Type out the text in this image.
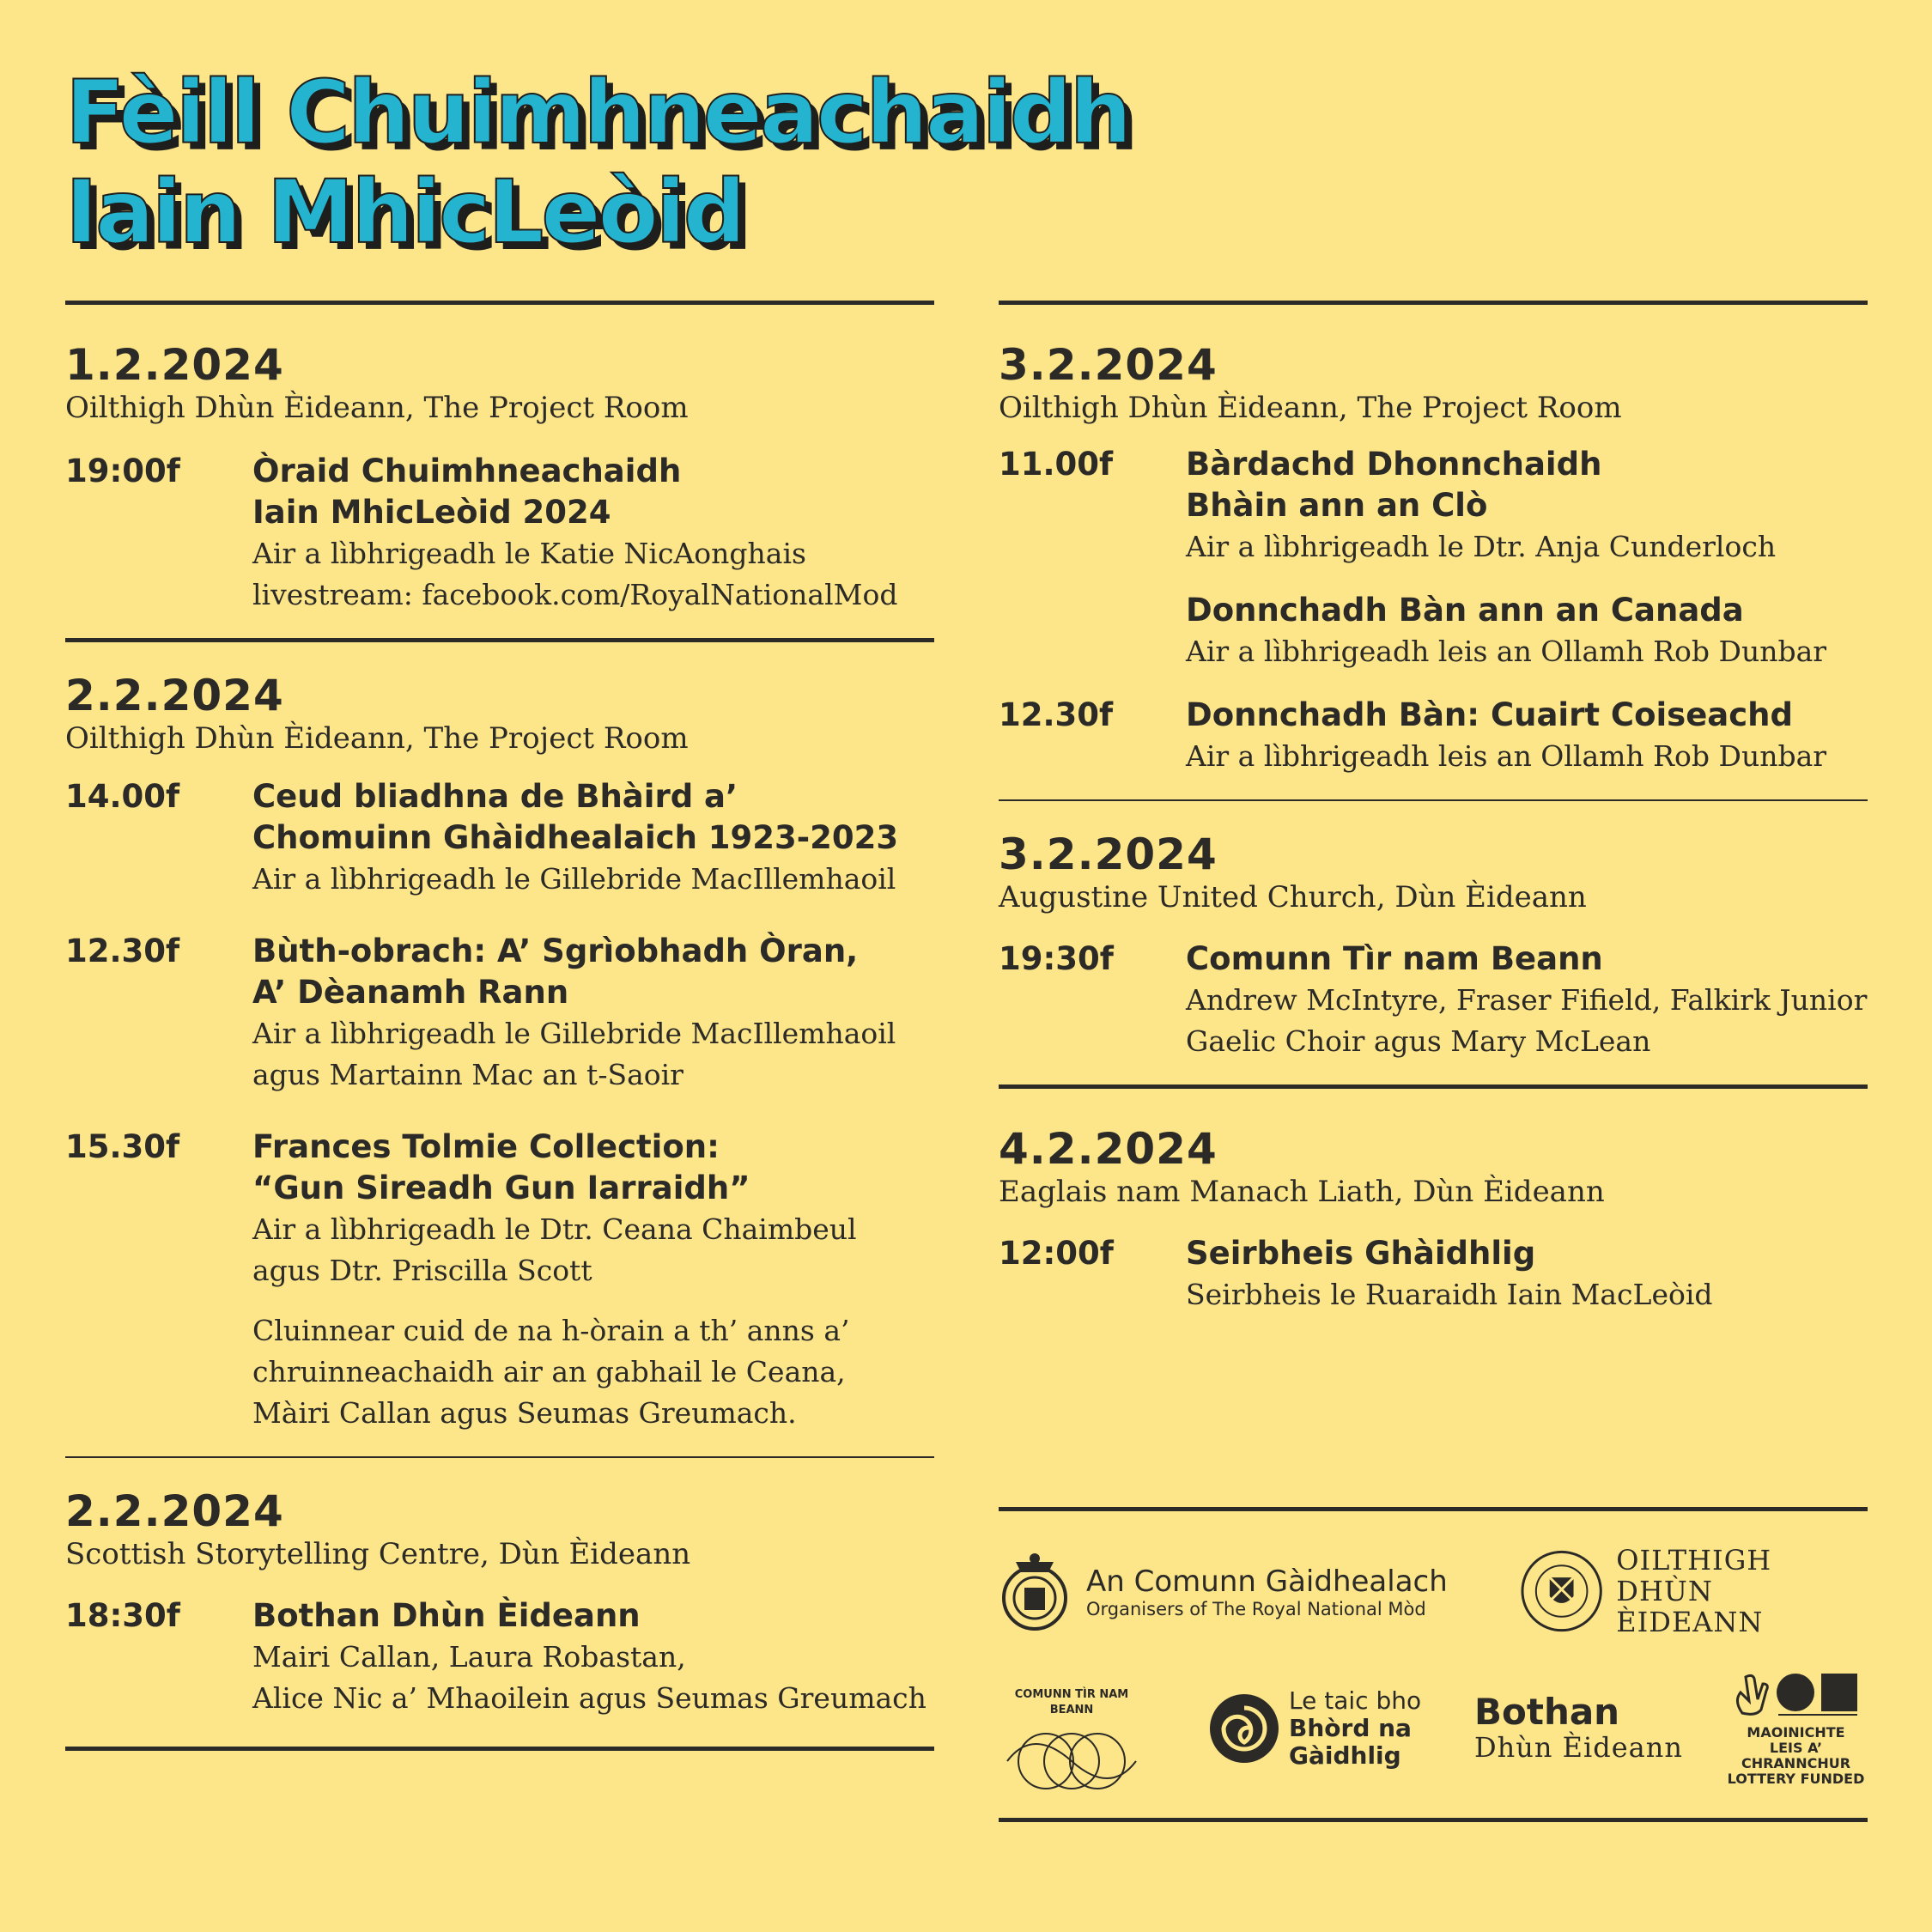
Fèill Chuimhneachaidh
Iain MhicLeòid

1.2.2024

Oilthigh Dhùn Èideann, The Project Room

19:00f	Òraid Chuimhneachaidh
Iain MhicLeòid 2024
Air a lìbhrigeadh le Katie NicAonghais
livestream: facebook.com/RoyalNationalMod

2.2.2024

Oilthigh Dhùn Èideann, The Project Room

14.00f	Ceud bliadhna de Bhàird a’
Chomuinn Ghàidhealaich 1923-2023
Air a lìbhrigeadh le Gillebride MacIllemhaoil
12.30f	Bùth-obrach: A’ Sgrìobhadh Òran,
A’ Dèanamh Rann
Air a lìbhrigeadh le Gillebride MacIllemhaoil
agus Martainn Mac an t-Saoir
15.30f	Frances Tolmie Collection:
“Gun Sireadh Gun Iarraidh”
Air a lìbhrigeadh le Dtr. Ceana Chaimbeul
agus Dtr. Priscilla Scott
Cluinnear cuid de na h-òrain a th’ anns a’
chruinneachaidh air an gabhail le Ceana,
Màiri Callan agus Seumas Greumach.

2.2.2024

Scottish Storytelling Centre, Dùn Èideann

18:30f	Bothan Dhùn Èideann
Mairi Callan, Laura Robastan,
Alice Nic a’ Mhaoilein agus Seumas Greumach

3.2.2024

Oilthigh Dhùn Èideann, The Project Room

11.00f	Bàrdachd Dhonnchaidh
Bhàin ann an Clò
Air a lìbhrigeadh le Dtr. Anja Cunderloch
Donnchadh Bàn ann an Canada
Air a lìbhrigeadh leis an Ollamh Rob Dunbar
12.30f	Donnchadh Bàn: Cuairt Coiseachd
Air a lìbhrigeadh leis an Ollamh Rob Dunbar

3.2.2024

Augustine United Church, Dùn Èideann

19:30f	Comunn Tìr nam Beann
Andrew McIntyre, Fraser Fifield, Falkirk Junior
Gaelic Choir agus Mary McLean

4.2.2024

Eaglais nam Manach Liath, Dùn Èideann

12:00f	Seirbheis Ghàidhlig
Seirbheis le Ruaraidh Iain MacLeòid
An Comunn Gàidhealach
Organisers of The Royal National Mòd
OILTHIGH
DHÙN ÈIDEANN
COMUNN TÌR NAM BEANN	Le taic bho
Bhòrd na
Gàidhlig
Bothan
Dhùn Èideann	MAOINICHTE
LEIS A’ CHRANNCHUR
LOTTERY FUNDED
